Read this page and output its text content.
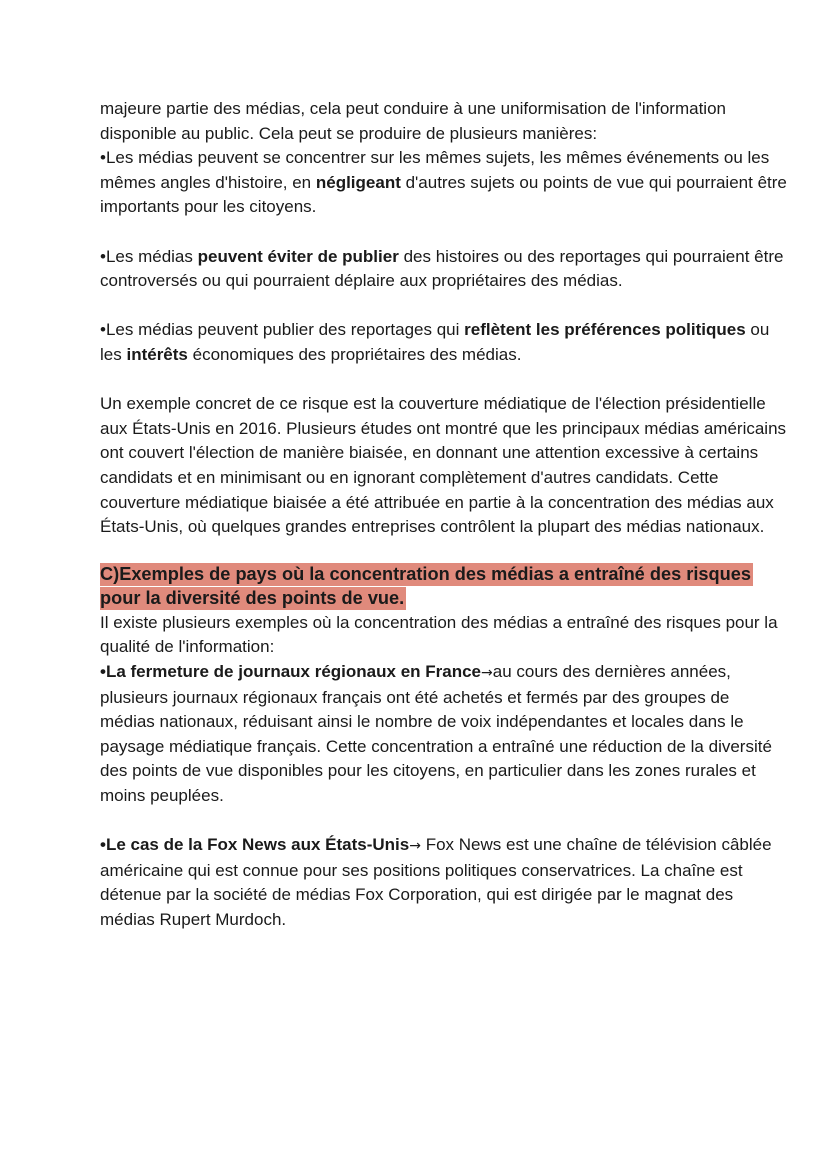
majeure partie des médias, cela peut conduire à une uniformisation de l'information disponible au public. Cela peut se produire de plusieurs manières:
•Les médias peuvent se concentrer sur les mêmes sujets, les mêmes événements ou les mêmes angles d'histoire, en négligeant d'autres sujets ou points de vue qui pourraient être importants pour les citoyens.

•Les médias peuvent éviter de publier des histoires ou des reportages qui pourraient être controversés ou qui pourraient déplaire aux propriétaires des médias.

•Les médias peuvent publier des reportages qui reflètent les préférences politiques ou les intérêts économiques des propriétaires des médias.

Un exemple concret de ce risque est la couverture médiatique de l'élection présidentielle aux États-Unis en 2016. Plusieurs études ont montré que les principaux médias américains ont couvert l'élection de manière biaisée, en donnant une attention excessive à certains candidats et en minimisant ou en ignorant complètement d'autres candidats. Cette couverture médiatique biaisée a été attribuée en partie à la concentration des médias aux États-Unis, où quelques grandes entreprises contrôlent la plupart des médias nationaux.

C)Exemples de pays où la concentration des médias a entraîné des risques pour la diversité des points de vue.

Il existe plusieurs exemples où la concentration des médias a entraîné des risques pour la qualité de l'information:
•La fermeture de journaux régionaux en France→au cours des dernières années, plusieurs journaux régionaux français ont été achetés et fermés par des groupes de médias nationaux, réduisant ainsi le nombre de voix indépendantes et locales dans le paysage médiatique français. Cette concentration a entraîné une réduction de la diversité des points de vue disponibles pour les citoyens, en particulier dans les zones rurales et moins peuplées.

•Le cas de la Fox News aux États-Unis→ Fox News est une chaîne de télévision câblée américaine qui est connue pour ses positions politiques conservatrices. La chaîne est détenue par la société de médias Fox Corporation, qui est dirigée par le magnat des médias Rupert Murdoch.
